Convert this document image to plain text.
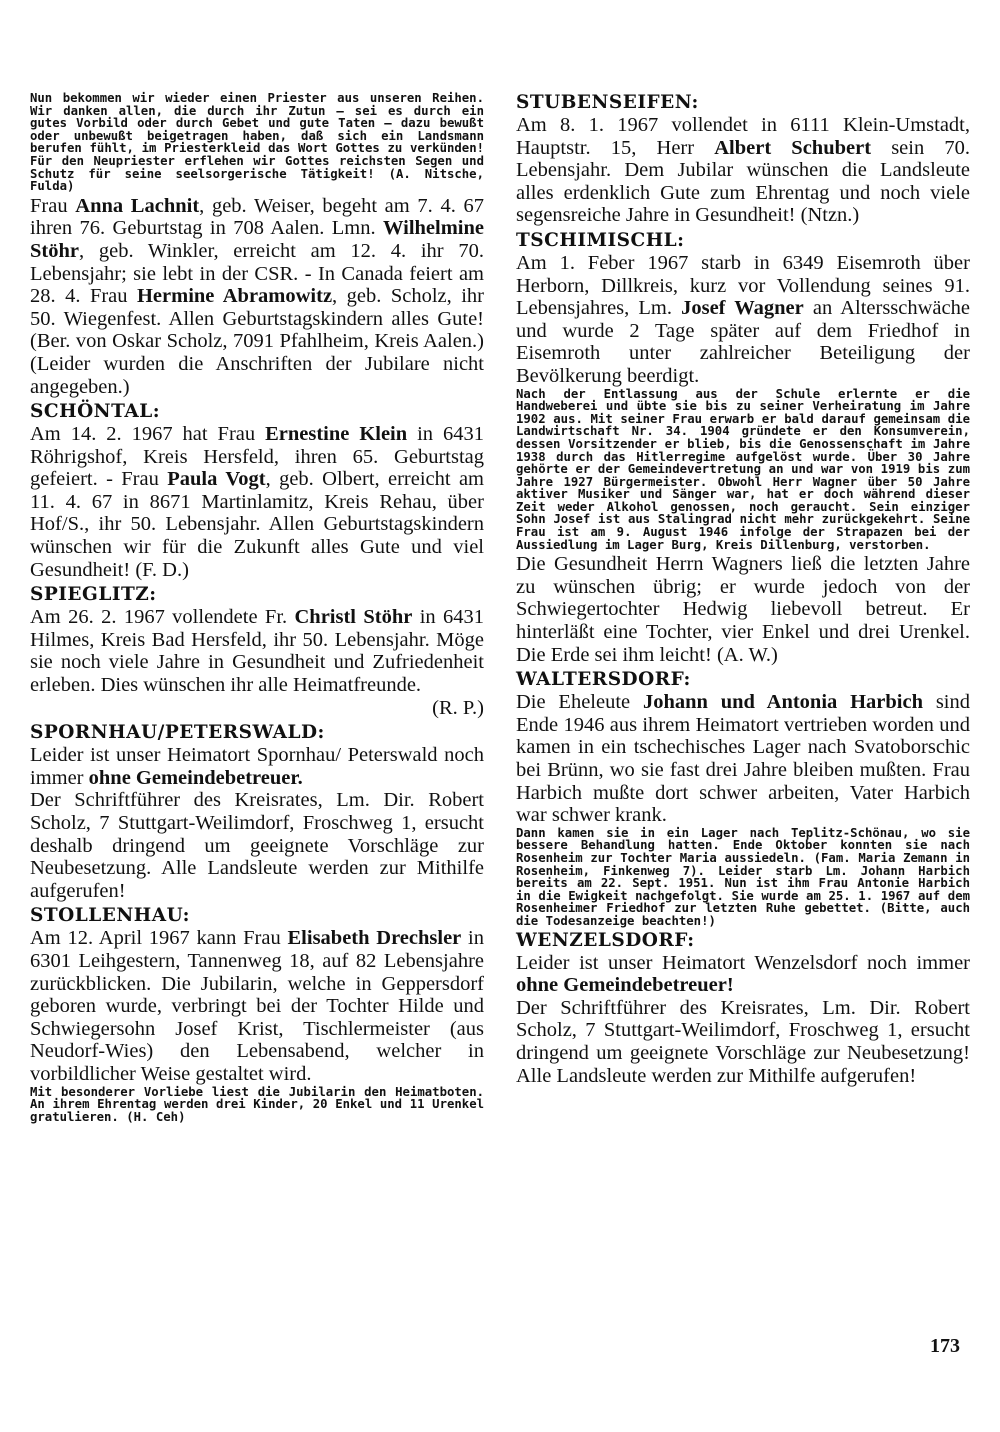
Nun bekommen wir wieder einen Priester aus unseren Reihen. Wir danken allen, die durch ihr Zutun — sei es durch ein gutes Vorbild oder durch Gebet und gute Taten — dazu bewußt oder unbewußt beigetragen haben, daß sich ein Landsmann berufen fühlt, im Priesterkleid das Wort Gottes zu verkünden! Für den Neupriester erflehen wir Gottes reichsten Segen und Schutz für seine seelsorgerische Tätigkeit! (A. Nitsche, Fulda)

Frau Anna Lachnit, geb. Weiser, begeht am 7. 4. 67 ihren 76. Geburtstag in 708 Aalen. Lmn. Wilhelmine Stöhr, geb. Winkler, erreicht am 12. 4. ihr 70. Lebensjahr; sie lebt in der CSR. - In Canada feiert am 28. 4. Frau Hermine Abramowitz, geb. Scholz, ihr 50. Wiegenfest. Allen Geburtstagskindern alles Gute! (Ber. von Oskar Scholz, 7091 Pfahlheim, Kreis Aalen.) (Leider wurden die Anschriften der Jubilare nicht angegeben.)

SCHÖNTAL:

Am 14. 2. 1967 hat Frau Ernestine Klein in 6431 Röhrigshof, Kreis Hersfeld, ihren 65. Geburtstag gefeiert. - Frau Paula Vogt, geb. Olbert, erreicht am 11. 4. 67 in 8671 Martinlamitz, Kreis Rehau, über Hof/S., ihr 50. Lebensjahr. Allen Geburtstagskindern wünschen wir für die Zukunft alles Gute und viel Gesundheit! (F. D.)

SPIEGLITZ:

Am 26. 2. 1967 vollendete Fr. Christl Stöhr in 6431 Hilmes, Kreis Bad Hersfeld, ihr 50. Lebensjahr. Möge sie noch viele Jahre in Gesundheit und Zufriedenheit erleben. Dies wünschen ihr alle Heimatfreunde.

(R. P.)

SPORNHAU/PETERSWALD:

Leider ist unser Heimatort Spornhau/ Peterswald noch immer ohne Gemeindebetreuer.

Der Schriftführer des Kreisrates, Lm. Dir. Robert Scholz, 7 Stuttgart-Weilimdorf, Froschweg 1, ersucht deshalb dringend um geeignete Vorschläge zur Neubesetzung. Alle Landsleute werden zur Mithilfe aufgerufen!

STOLLENHAU:

Am 12. April 1967 kann Frau Elisabeth Drechsler in 6301 Leihgestern, Tannenweg 18, auf 82 Lebensjahre zurückblicken. Die Jubilarin, welche in Geppersdorf geboren wurde, verbringt bei der Tochter Hilde und Schwiegersohn Josef Krist, Tischlermeister (aus Neudorf-Wies) den Lebensabend, welcher in vorbildlicher Weise gestaltet wird.

Mit besonderer Vorliebe liest die Jubilarin den Heimatboten. An ihrem Ehrentag werden drei Kinder, 20 Enkel und 11 Urenkel gratulieren. (H. Ceh)

STUBENSEIFEN:

Am 8. 1. 1967 vollendet in 6111 Klein-Umstadt, Hauptstr. 15, Herr Albert Schubert sein 70. Lebensjahr. Dem Jubilar wünschen die Landsleute alles erdenklich Gute zum Ehrentag und noch viele segensreiche Jahre in Gesundheit! (Ntzn.)

TSCHIMISCHL:

Am 1. Feber 1967 starb in 6349 Eisemroth über Herborn, Dillkreis, kurz vor Vollendung seines 91. Lebensjahres, Lm. Josef Wagner an Altersschwäche und wurde 2 Tage später auf dem Friedhof in Eisemroth unter zahlreicher Beteiligung der Bevölkerung beerdigt.

Nach der Entlassung aus der Schule erlernte er die Handweberei und übte sie bis zu seiner Verheiratung im Jahre 1902 aus. Mit seiner Frau erwarb er bald darauf gemeinsam die Landwirtschaft Nr. 34. 1904 gründete er den Konsumverein, dessen Vorsitzender er blieb, bis die Genossenschaft im Jahre 1938 durch das Hitlerregime aufgelöst wurde. Über 30 Jahre gehörte er der Gemeindevertretung an und war von 1919 bis zum Jahre 1927 Bürgermeister. Obwohl Herr Wagner über 50 Jahre aktiver Musiker und Sänger war, hat er doch während dieser Zeit weder Alkohol genossen, noch geraucht. Sein einziger Sohn Josef ist aus Stalingrad nicht mehr zurückgekehrt. Seine Frau ist am 9. August 1946 infolge der Strapazen bei der Aussiedlung im Lager Burg, Kreis Dillenburg, verstorben.

Die Gesundheit Herrn Wagners ließ die letzten Jahre zu wünschen übrig; er wurde jedoch von der Schwiegertochter Hedwig liebevoll betreut. Er hinterläßt eine Tochter, vier Enkel und drei Urenkel. Die Erde sei ihm leicht! (A. W.)

WALTERSDORF:

Die Eheleute Johann und Antonia Harbich sind Ende 1946 aus ihrem Heimatort vertrieben worden und kamen in ein tschechisches Lager nach Svatoborschic bei Brünn, wo sie fast drei Jahre bleiben mußten. Frau Harbich mußte dort schwer arbeiten, Vater Harbich war schwer krank.

Dann kamen sie in ein Lager nach Teplitz-Schönau, wo sie bessere Behandlung hatten. Ende Oktober konnten sie nach Rosenheim zur Tochter Maria aussiedeln. (Fam. Maria Zemann in Rosenheim, Finkenweg 7). Leider starb Lm. Johann Harbich bereits am 22. Sept. 1951. Nun ist ihm Frau Antonie Harbich in die Ewigkeit nachgefolgt. Sie wurde am 25. 1. 1967 auf dem Rosenheimer Friedhof zur letzten Ruhe gebettet. (Bitte, auch die Todesanzeige beachten!)

WENZELSDORF:

Leider ist unser Heimatort Wenzelsdorf noch immer ohne Gemeindebetreuer!

Der Schriftführer des Kreisrates, Lm. Dir. Robert Scholz, 7 Stuttgart-Weilimdorf, Froschweg 1, ersucht dringend um geeignete Vorschläge zur Neubesetzung! Alle Landsleute werden zur Mithilfe aufgerufen!

173
